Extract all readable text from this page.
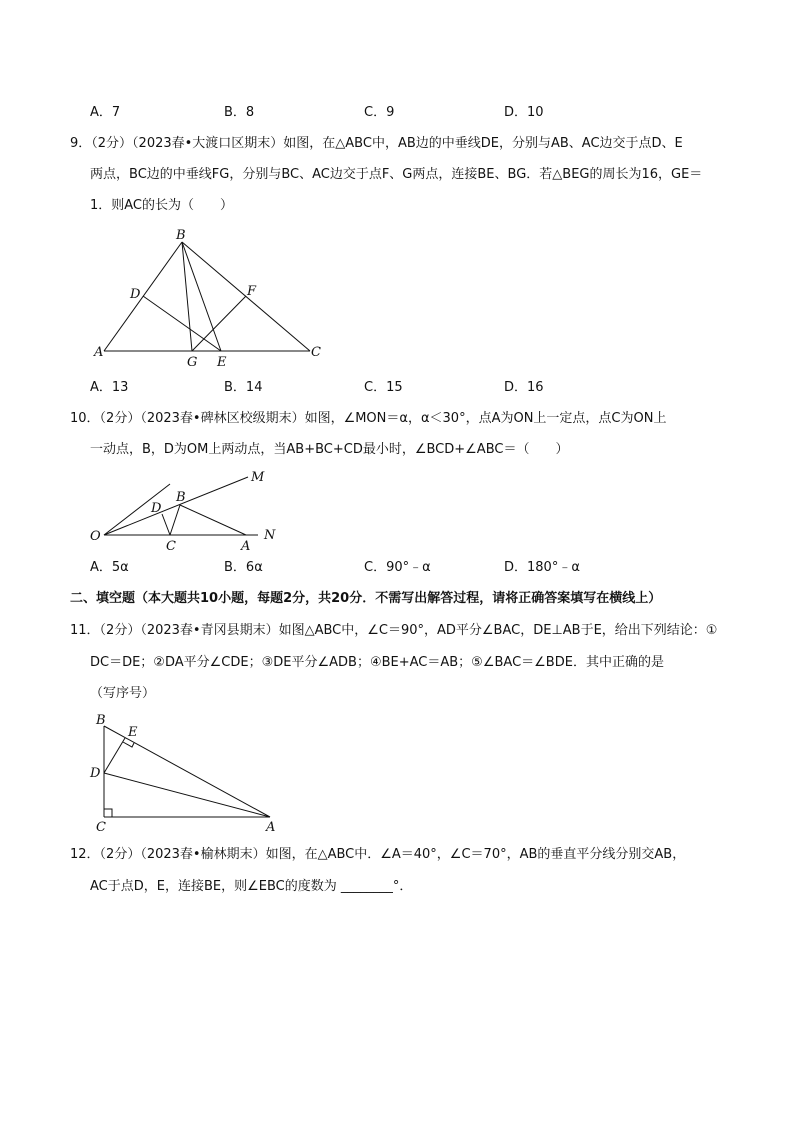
A．7	B．8	C．9	D．10
9．（2分）（2023春•大渡口区期末）如图，在△ABC中，AB边的中垂线DE，分别与AB、AC边交于点D、E
两点，BC边的中垂线FG，分别与BC、AC边交于点F、G两点，连接BE、BG．若△BEG的周长为16，GE＝
1．则AC的长为（　　）
B
D	F
A
G E
C
A．13	B．14	C．15	D．16
10．（2分）（2023春•碑林区校级期末）如图，∠MON＝α，α＜30°，点A为ON上一定点，点C为ON上
一动点，B，D为OM上两动点，当AB+BC+CD最小时，∠BCD+∠ABC＝（　　）
O
M
N
D
B
C	A
A．5α	B．6α	C．90°﹣α	D．180°﹣α
二、填空题（本大题共10小题，每题2分，共20分．不需写出解答过程，请将正确答案填写在横线上）
11．（2分）（2023春•青冈县期末）如图△ABC中，∠C＝90°，AD平分∠BAC，DE⊥AB于E，给出下列结论：①
DC＝DE；②DA平分∠CDE；③DE平分∠ADB；④BE+AC＝AB；⑤∠BAC＝∠BDE．其中正确的是
（写序号）
B
E
D
C	A
12．（2分）（2023春•榆林期末）如图，在△ABC中．∠A＝40°，∠C＝70°，AB的垂直平分线分别交AB，
AC于点D，E，连接BE，则∠EBC的度数为 ________°．
